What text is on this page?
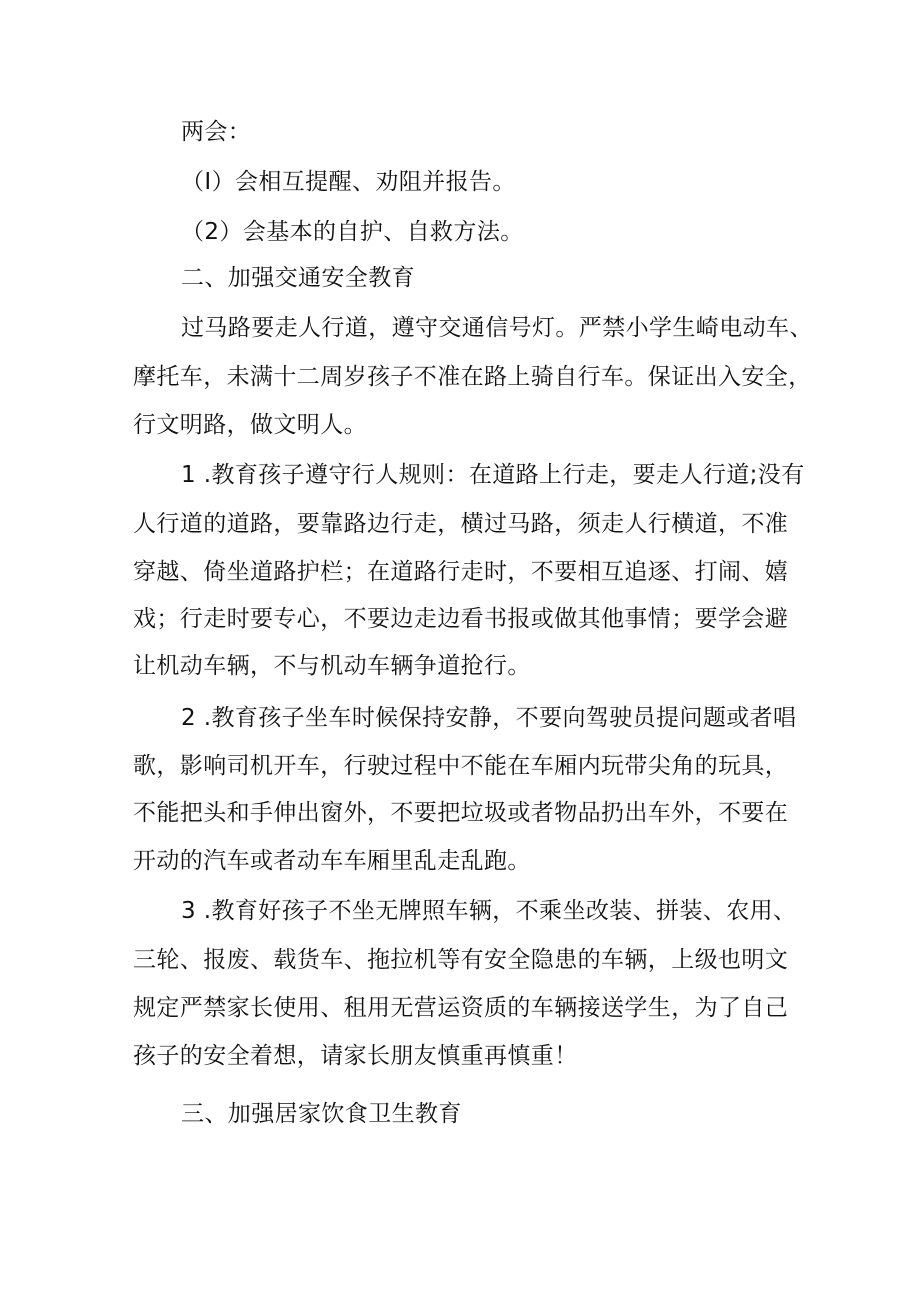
两会：

（I）会相互提醒、劝阻并报告。

（2）会基本的自护、自救方法。

二、加强交通安全教育

过马路要走人行道，遵守交通信号灯。严禁小学生崎电动车、

摩托车，未满十二周岁孩子不准在路上骑自行车。保证出入安全，

行文明路，做文明人。

1 .教育孩子遵守行人规则：在道路上行走，要走人行道;没有

人行道的道路，要靠路边行走，横过马路，须走人行横道，不准

穿越、倚坐道路护栏；在道路行走时，不要相互追逐、打闹、嬉

戏；行走时要专心，不要边走边看书报或做其他事情；要学会避

让机动车辆，不与机动车辆争道抢行。

2 .教育孩子坐车时候保持安静，不要向驾驶员提问题或者唱

歌，影响司机开车，行驶过程中不能在车厢内玩带尖角的玩具，

不能把头和手伸出窗外，不要把垃圾或者物品扔出车外，不要在

开动的汽车或者动车车厢里乱走乱跑。

3 .教育好孩子不坐无牌照车辆，不乘坐改装、拼装、农用、

三轮、报废、载货车、拖拉机等有安全隐患的车辆，上级也明文

规定严禁家长使用、租用无营运资质的车辆接送学生，为了自己

孩子的安全着想，请家长朋友慎重再慎重！

三、加强居家饮食卫生教育
